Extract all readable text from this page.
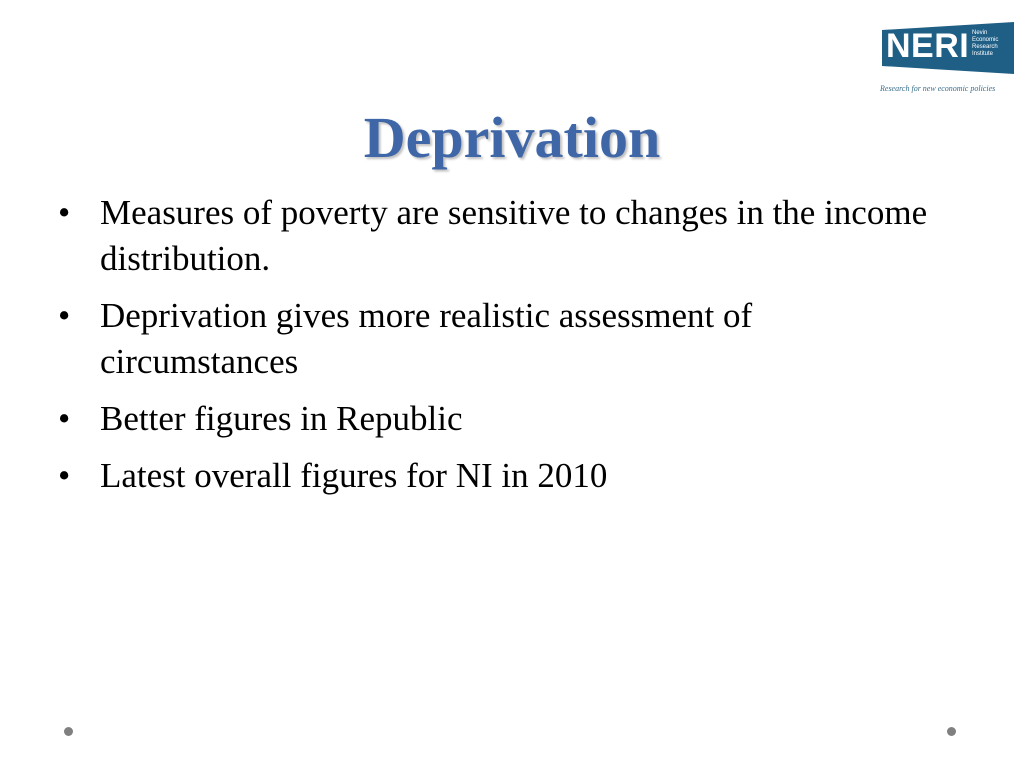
NERI Nevin
Economic
Research
Institute
Research for new economic policies
Deprivation
• Measures of poverty are sensitive to changes in the income distribution.
• Deprivation gives more realistic assessment of circumstances
• Better figures in Republic
• Latest overall figures for NI in 2010
